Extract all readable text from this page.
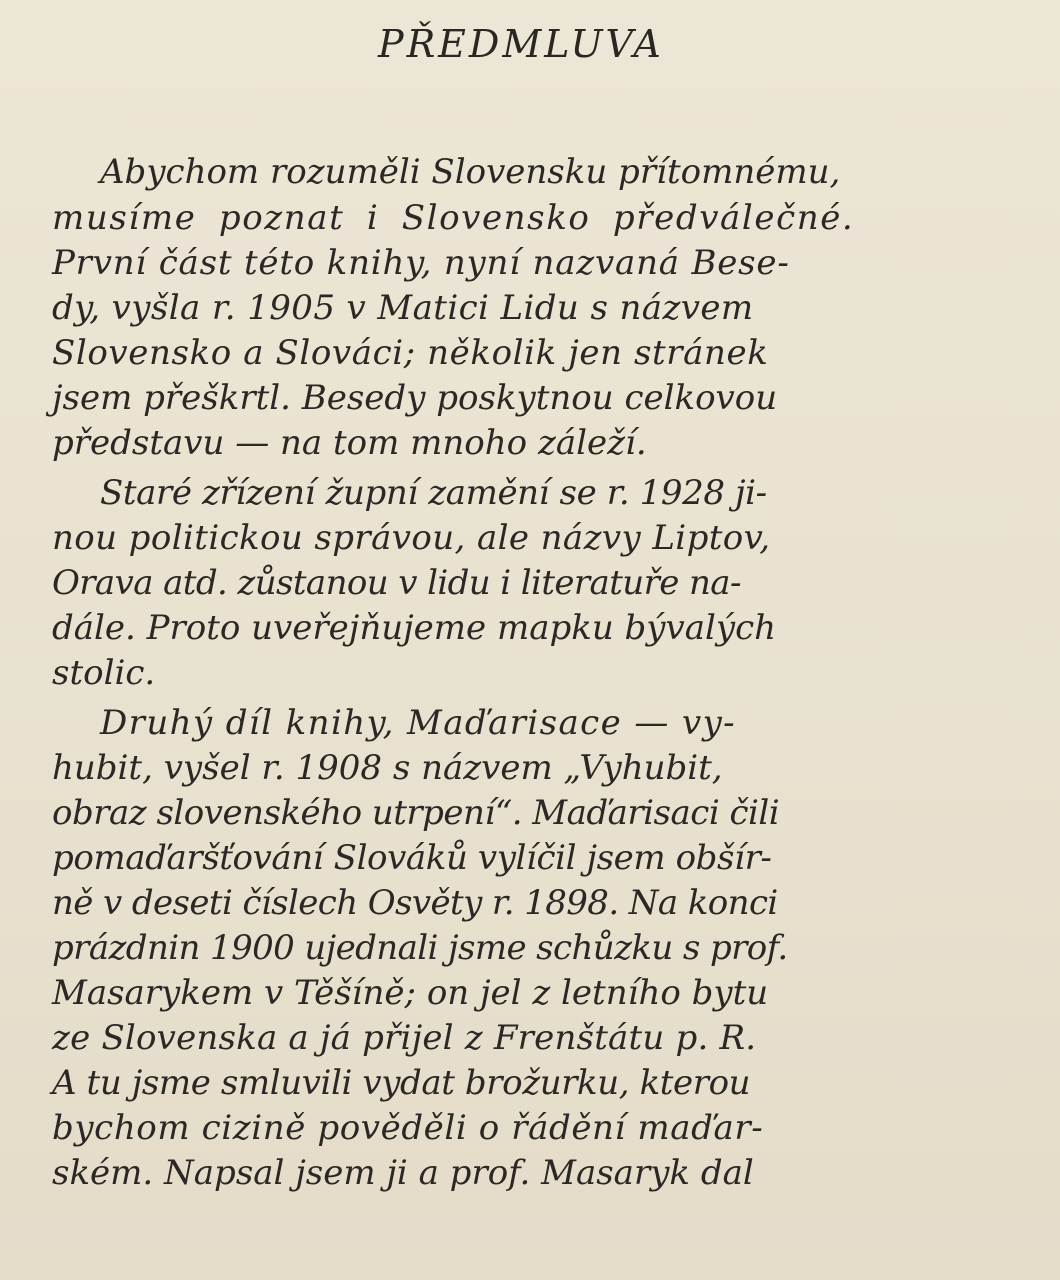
PŘEDMLUVA
Abychom rozuměli Slovensku přítomnému,
musíme poznat i Slovensko předválečné.
První část této knihy, nyní nazvaná Bese-
dy, vyšla r. 1905 v Matici Lidu s názvem
Slovensko a Slováci; několik jen stránek
jsem přeškrtl. Besedy poskytnou celkovou
představu — na tom mnoho záleží.
Staré zřízení župní zamění se r. 1928 ji-
nou politickou správou, ale názvy Liptov,
Orava atd. zůstanou v lidu i literatuře na-
dále. Proto uveřejňujeme mapku bývalých
stolic.
Druhý díl knihy, Maďarisace — vy-
hubit, vyšel r. 1908 s názvem „Vyhubit,
obraz slovenského utrpení“. Maďarisaci čili
pomaďaršťování Slováků vylíčil jsem obšír-
ně v deseti číslech Osvěty r. 1898. Na konci
prázdnin 1900 ujednali jsme schůzku s prof.
Masarykem v Těšíně; on jel z letního bytu
ze Slovenska a já přijel z Frenštátu p. R.
A tu jsme smluvili vydat brožurku, kterou
bychom cizině pověděli o řádění maďar-
ském. Napsal jsem ji a prof. Masaryk dal
